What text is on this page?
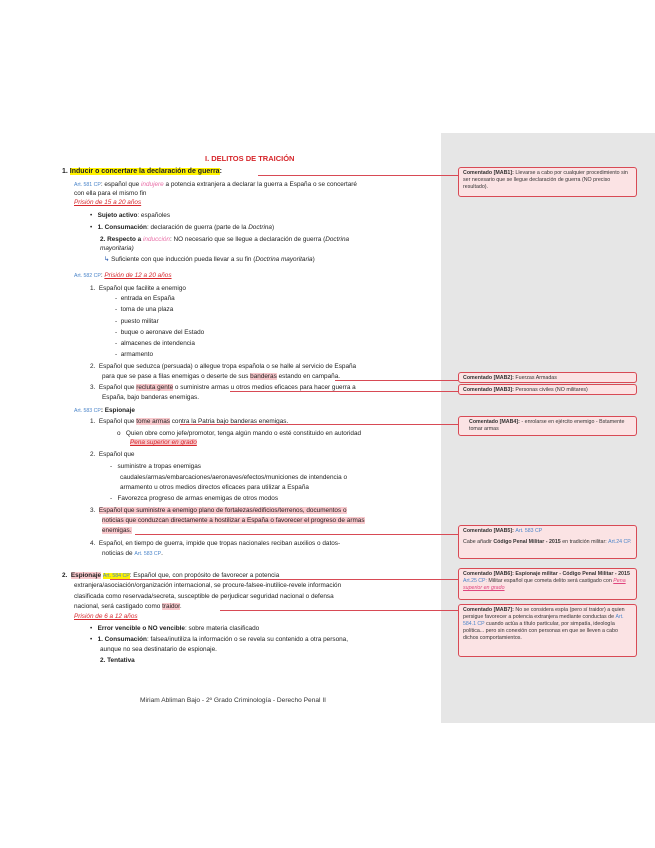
I. DELITOS DE TRAICIÓN
1. Inducir o concertare la declaración de guerra:
Art. 581 CP: español que indujere a potencia extranjera a declarar la guerra a España o se concertaré
con ella para el mismo fin
Prisión de 15 a 20 años
•   Sujeto activo: españoles
•   1. Consumación: declaración de guerra (parte de la Doctrina)
2. Respecto a inducción: NO necesario que se llegue a declaración de guerra (Doctrina
mayoritaria)
↳ Suficiente con que inducción pueda llevar a su fin (Doctrina mayoritaria)
Art. 582 CP: Prisión de 12 a 20 años
1.  Español que facilite a enemigo
-  entrada en España
-  toma de una plaza
-  puesto militar
-  buque o aeronave del Estado
-  almacenes de intendencia
-  armamento
2.  Español que seduzca (persuada) o allegue tropa española o se halle al servicio de España
para que se pase a filas enemigas o deserte de sus banderas estando en campaña.
3.  Español que recluta gente o suministre armas u otros medios eficaces para hacer guerra a
España, bajo banderas enemigas.
Art. 583 CP: Espionaje
1.  Español que tome armas contra la Patria bajo banderas enemigas.
o   Quien obre como jefe/promotor, tenga algún mando o esté constituido en autoridad
Pena superior en grado
2.  Español que
-   suministre a tropas enemigas
caudales/armas/embarcaciones/aeronaves/efectos/municiones de intendencia o
armamento u otros medios directos eficaces para utilizar a España
-   Favorezca progreso de armas enemigas de otros modos
3.  Español que suministre a enemigo plano de fortalezas/edificios/terrenos, documentos o
noticias que conduzcan directamente a hostilizar a España o favorecer el progreso de armas
enemigas.
4.  Español, en tiempo de guerra, impide que tropas nacionales reciban auxilios o datos-
noticias de Art. 583 CP.
2. Espionaje Art. 584 CP: Español que, con propósito de favorecer a potencia
extranjera/asociación/organización internacional, se procure-falsee-inutilice-revele información
clasificada como reservada/secreta, susceptible de perjudicar seguridad nacional o defensa
nacional, será castigado como traidor.
Prisión de 6 a 12 años
•   Error vencible o NO vencible: sobre materia clasificado
•   1. Consumación: falsea/inutiliza la información o se revela su contenido a otra persona,
aunque no sea destinatario de espionaje.
2. Tentativa
Miriam Abliman Bajo - 2º Grado Criminología - Derecho Penal II
Comentado [MAB1]: Llevarse a cabo por cualquier procedimiento sin ser necesario que se llegue declaración de guerra (NO preciso resultado).
Comentado [MAB2]: Fuerzas Armadas
Comentado [MAB3]: Personas civiles (NO militares)
Comentado [MAB4]: - enrolarse en ejército enemigo - Bstamente tomar armas
Comentado [MAB5]: Art. 583 CP
Cabe añadir Código Penal Militar - 2015 en tradición militar: Art.24 CP.
Comentado [MAB6]: Espionaje militar - Código Penal Militar - 2015 Art.25 CP: Militar español que cometa delito será castigado con Pena superior en grado
Comentado [MAB7]: No se considera espía (pero sí traidor) a quien persigue favorecer a potencia extranjera mediante conductas de Art. 584.1 CP cuando actúa a título particular, por simpatía, ideología política... pero sin conexión con personas en que se lleven a cabo dichos comportamientos.
